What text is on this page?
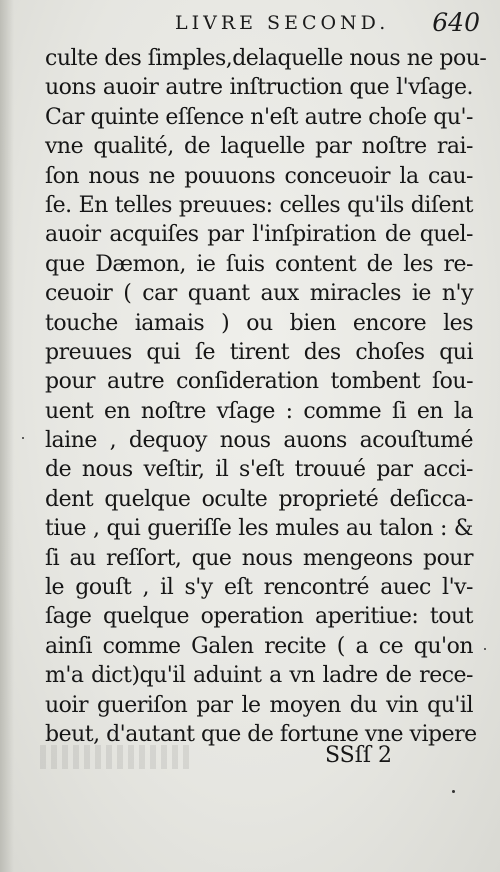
LIVRE SECOND. 640
culte des ſimples,delaquelle nous ne pou-
uons auoir autre inſtruction que l'vſage.
Car quinte eſſence n'eſt autre choſe qu'-
vne qualité, de laquelle par noſtre rai-
ſon nous ne pouuons conceuoir la cau-
ſe. En telles preuues: celles qu'ils diſent
auoir acquiſes par l'inſpiration de quel-
que Dæmon, ie ſuis content de les re-
ceuoir ( car quant aux miracles ie n'y
touche iamais ) ou bien encore les
preuues qui ſe tirent des choſes qui
pour autre conſideration tombent ſou-
uent en noſtre vſage : comme ſi en la
laine , dequoy nous auons acouſtumé
de nous veſtir, il s'eſt trouué par acci-
dent quelque oculte proprieté deſicca-
tiue , qui gueriſſe les mules au talon : &
ſi au reſſort, que nous mengeons pour
le gouſt , il s'y eſt rencontré auec l'v-
ſage quelque operation aperitiue: tout
ainſi comme Galen recite ( a ce qu'on
m'a dict)qu'il aduint a vn ladre de rece-
uoir gueriſon par le moyen du vin qu'il
beut, d'autant que de fortune vne vipere
SSſſ 2
